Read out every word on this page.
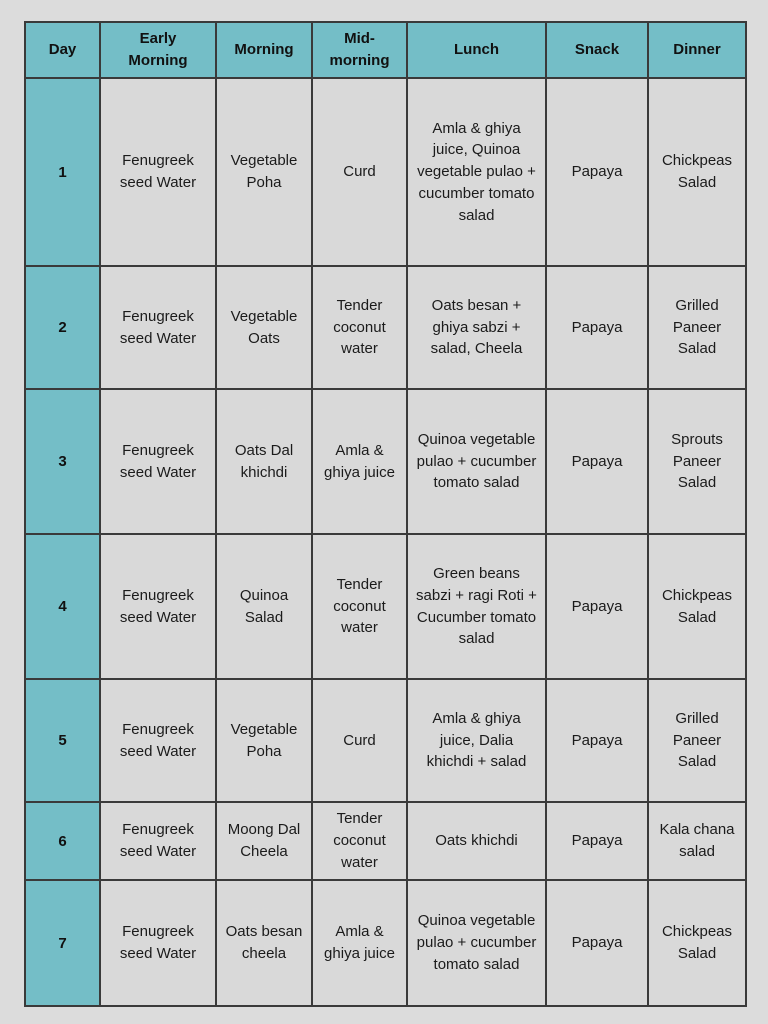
Day	Early Morning	Morning	Mid-morning	Lunch	Snack	Dinner
1	Fenugreek seed Water	Vegetable Poha	Curd	Amla & ghiya juice, Quinoa vegetable pulao + cucumber tomato salad	Papaya	Chickpeas Salad
2	Fenugreek seed Water	Vegetable Oats	Tender coconut water	Oats besan + ghiya sabzi + salad, Cheela	Papaya	Grilled Paneer Salad
3	Fenugreek seed Water	Oats Dal khichdi	Amla & ghiya juice	Quinoa vegetable pulao + cucumber tomato salad	Papaya	Sprouts Paneer Salad
4	Fenugreek seed Water	Quinoa Salad	Tender coconut water	Green beans sabzi + ragi Roti + Cucumber tomato salad	Papaya	Chickpeas Salad
5	Fenugreek seed Water	Vegetable Poha	Curd	Amla & ghiya juice, Dalia khichdi + salad	Papaya	Grilled Paneer Salad
6	Fenugreek seed Water	Moong Dal Cheela	Tender coconut water	Oats khichdi	Papaya	Kala chana salad
7	Fenugreek seed Water	Oats besan cheela	Amla & ghiya juice	Quinoa vegetable pulao + cucumber tomato salad	Papaya	Chickpeas Salad
